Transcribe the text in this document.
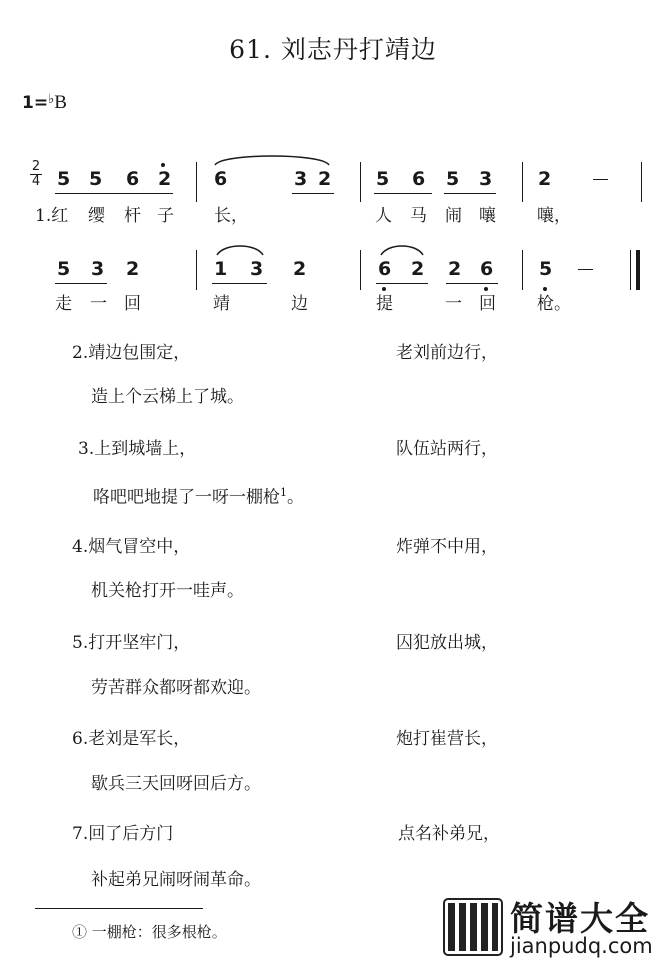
61. 刘志丹打靖边
1=♭B
2
4 5 5 6 2 6	3 2 5 6 5 3 2
1.红 缨 杆 子 长，	人 马 闹 嚷 嚷，
5 3 2	1 3 2	6 2 2 6 5
走 一 回	靖	边	提	一 回 枪。
2.靖边包围定，	老刘前边行，
造上个云梯上了城。
3.上到城墙上，	队伍站两行，
咯吧吧地提了一呀一棚枪$^1$。
4.烟气冒空中，	炸弹不中用，
机关枪打开一哇声。
5.打开坚牢门，	囚犯放出城，
劳苦群众都呀都欢迎。
6.老刘是军长，	炮打崔营长，
歇兵三天回呀回后方。
7.回了后方门	点名补弟兄，
补起弟兄闹呀闹革命。
① 一棚枪：很多根枪。	简谱大全
jianpudq.com
